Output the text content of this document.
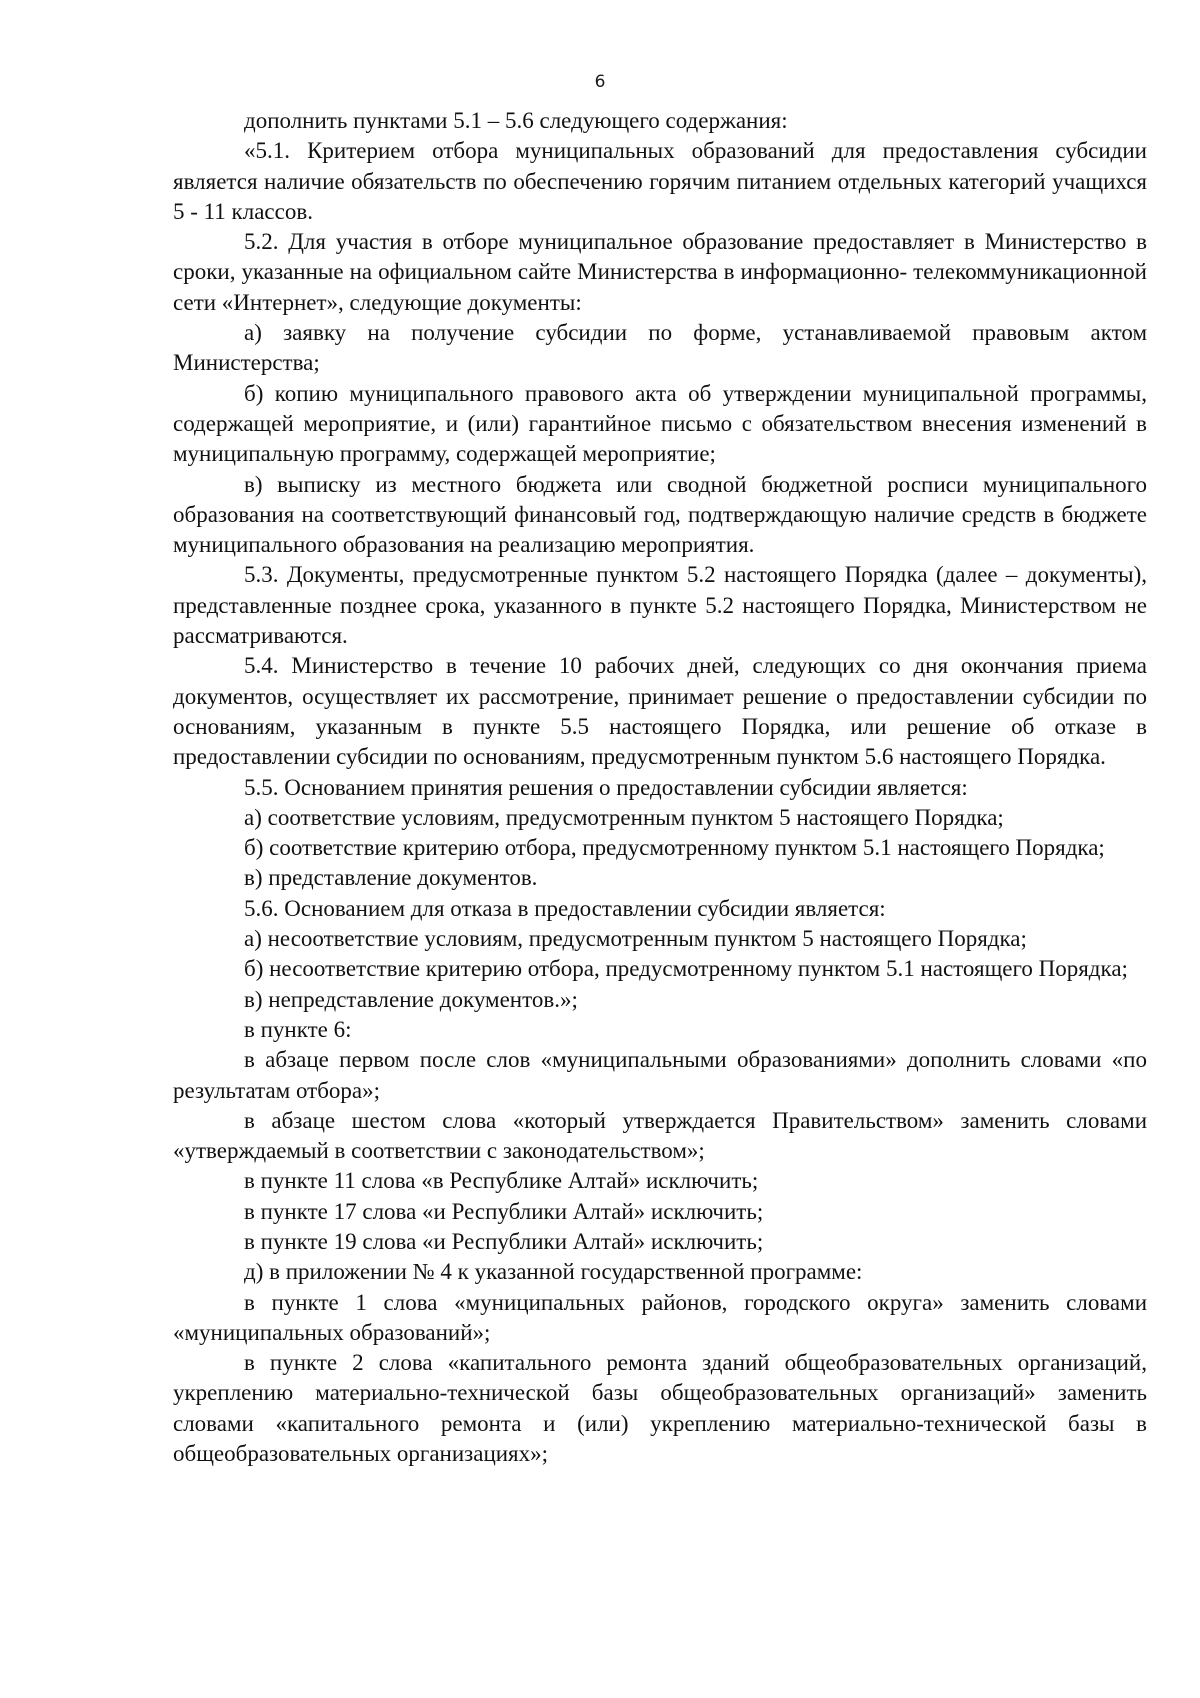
6

дополнить пунктами 5.1 – 5.6 следующего содержания:

«5.1. Критерием отбора муниципальных образований для предоставления субсидии является наличие обязательств по обеспечению горячим питанием отдельных категорий учащихся 5 - 11 классов.

5.2. Для участия в отборе муниципальное образование предоставляет в Министерство в сроки, указанные на официальном сайте Министерства в информационно- телекоммуникационной сети «Интернет», следующие документы:

а) заявку на получение субсидии по форме, устанавливаемой правовым актом Министерства;

б) копию муниципального правового акта об утверждении муниципальной программы, содержащей мероприятие, и (или) гарантийное письмо с обязательством внесения изменений в муниципальную программу, содержащей мероприятие;

в) выписку из местного бюджета или сводной бюджетной росписи муниципального образования на соответствующий финансовый год, подтверждающую наличие средств в бюджете муниципального образования на реализацию мероприятия.

5.3. Документы, предусмотренные пунктом 5.2 настоящего Порядка (далее – документы), представленные позднее срока, указанного в пункте 5.2 настоящего Порядка, Министерством не рассматриваются.

5.4. Министерство в течение 10 рабочих дней, следующих со дня окончания приема документов, осуществляет их рассмотрение, принимает решение о предоставлении субсидии по основаниям, указанным в пункте 5.5 настоящего Порядка, или решение об отказе в предоставлении субсидии по основаниям, предусмотренным пунктом 5.6 настоящего Порядка.

5.5. Основанием принятия решения о предоставлении субсидии является:

а) соответствие условиям, предусмотренным пунктом 5 настоящего Порядка;

б) соответствие критерию отбора, предусмотренному пунктом 5.1 настоящего Порядка;

в) представление документов.

5.6. Основанием для отказа в предоставлении субсидии является:

а) несоответствие условиям, предусмотренным пунктом 5 настоящего Порядка;

б) несоответствие критерию отбора, предусмотренному пунктом 5.1 настоящего Порядка;

в) непредставление документов.»;

в пункте 6:

в абзаце первом после слов «муниципальными образованиями» дополнить словами «по результатам отбора»;

в абзаце шестом слова «который утверждается Правительством» заменить словами «утверждаемый в соответствии с законодательством»;

в пункте 11 слова «в Республике Алтай» исключить;

в пункте 17 слова «и Республики Алтай» исключить;

в пункте 19 слова «и Республики Алтай» исключить;

д) в приложении № 4 к указанной государственной программе:

в пункте 1 слова «муниципальных районов, городского округа» заменить словами «муниципальных образований»;

в пункте 2 слова «капитального ремонта зданий общеобразовательных организаций, укреплению материально-технической базы общеобразовательных организаций» заменить словами «капитального ремонта и (или) укреплению материально-технической базы в общеобразовательных организациях»;
